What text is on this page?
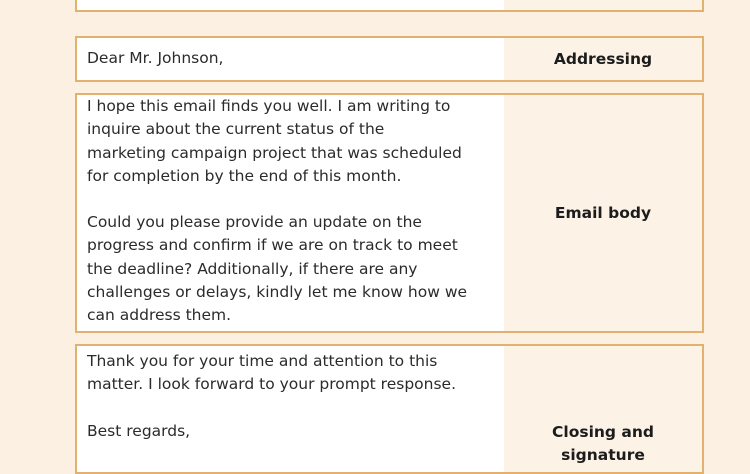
Dear Mr. Johnson,	Addressing

I hope this email finds you well. I am writing to
inquire about the current status of the
marketing campaign project that was scheduled
for completion by the end of this month.

Could you please provide an update on the
progress and confirm if we are on track to meet
the deadline? Additionally, if there are any
challenges or delays, kindly let me know how we
can address them.

Email body

Thank you for your time and attention to this
matter. I look forward to your prompt response.

Best regards,	Closing and
signature
